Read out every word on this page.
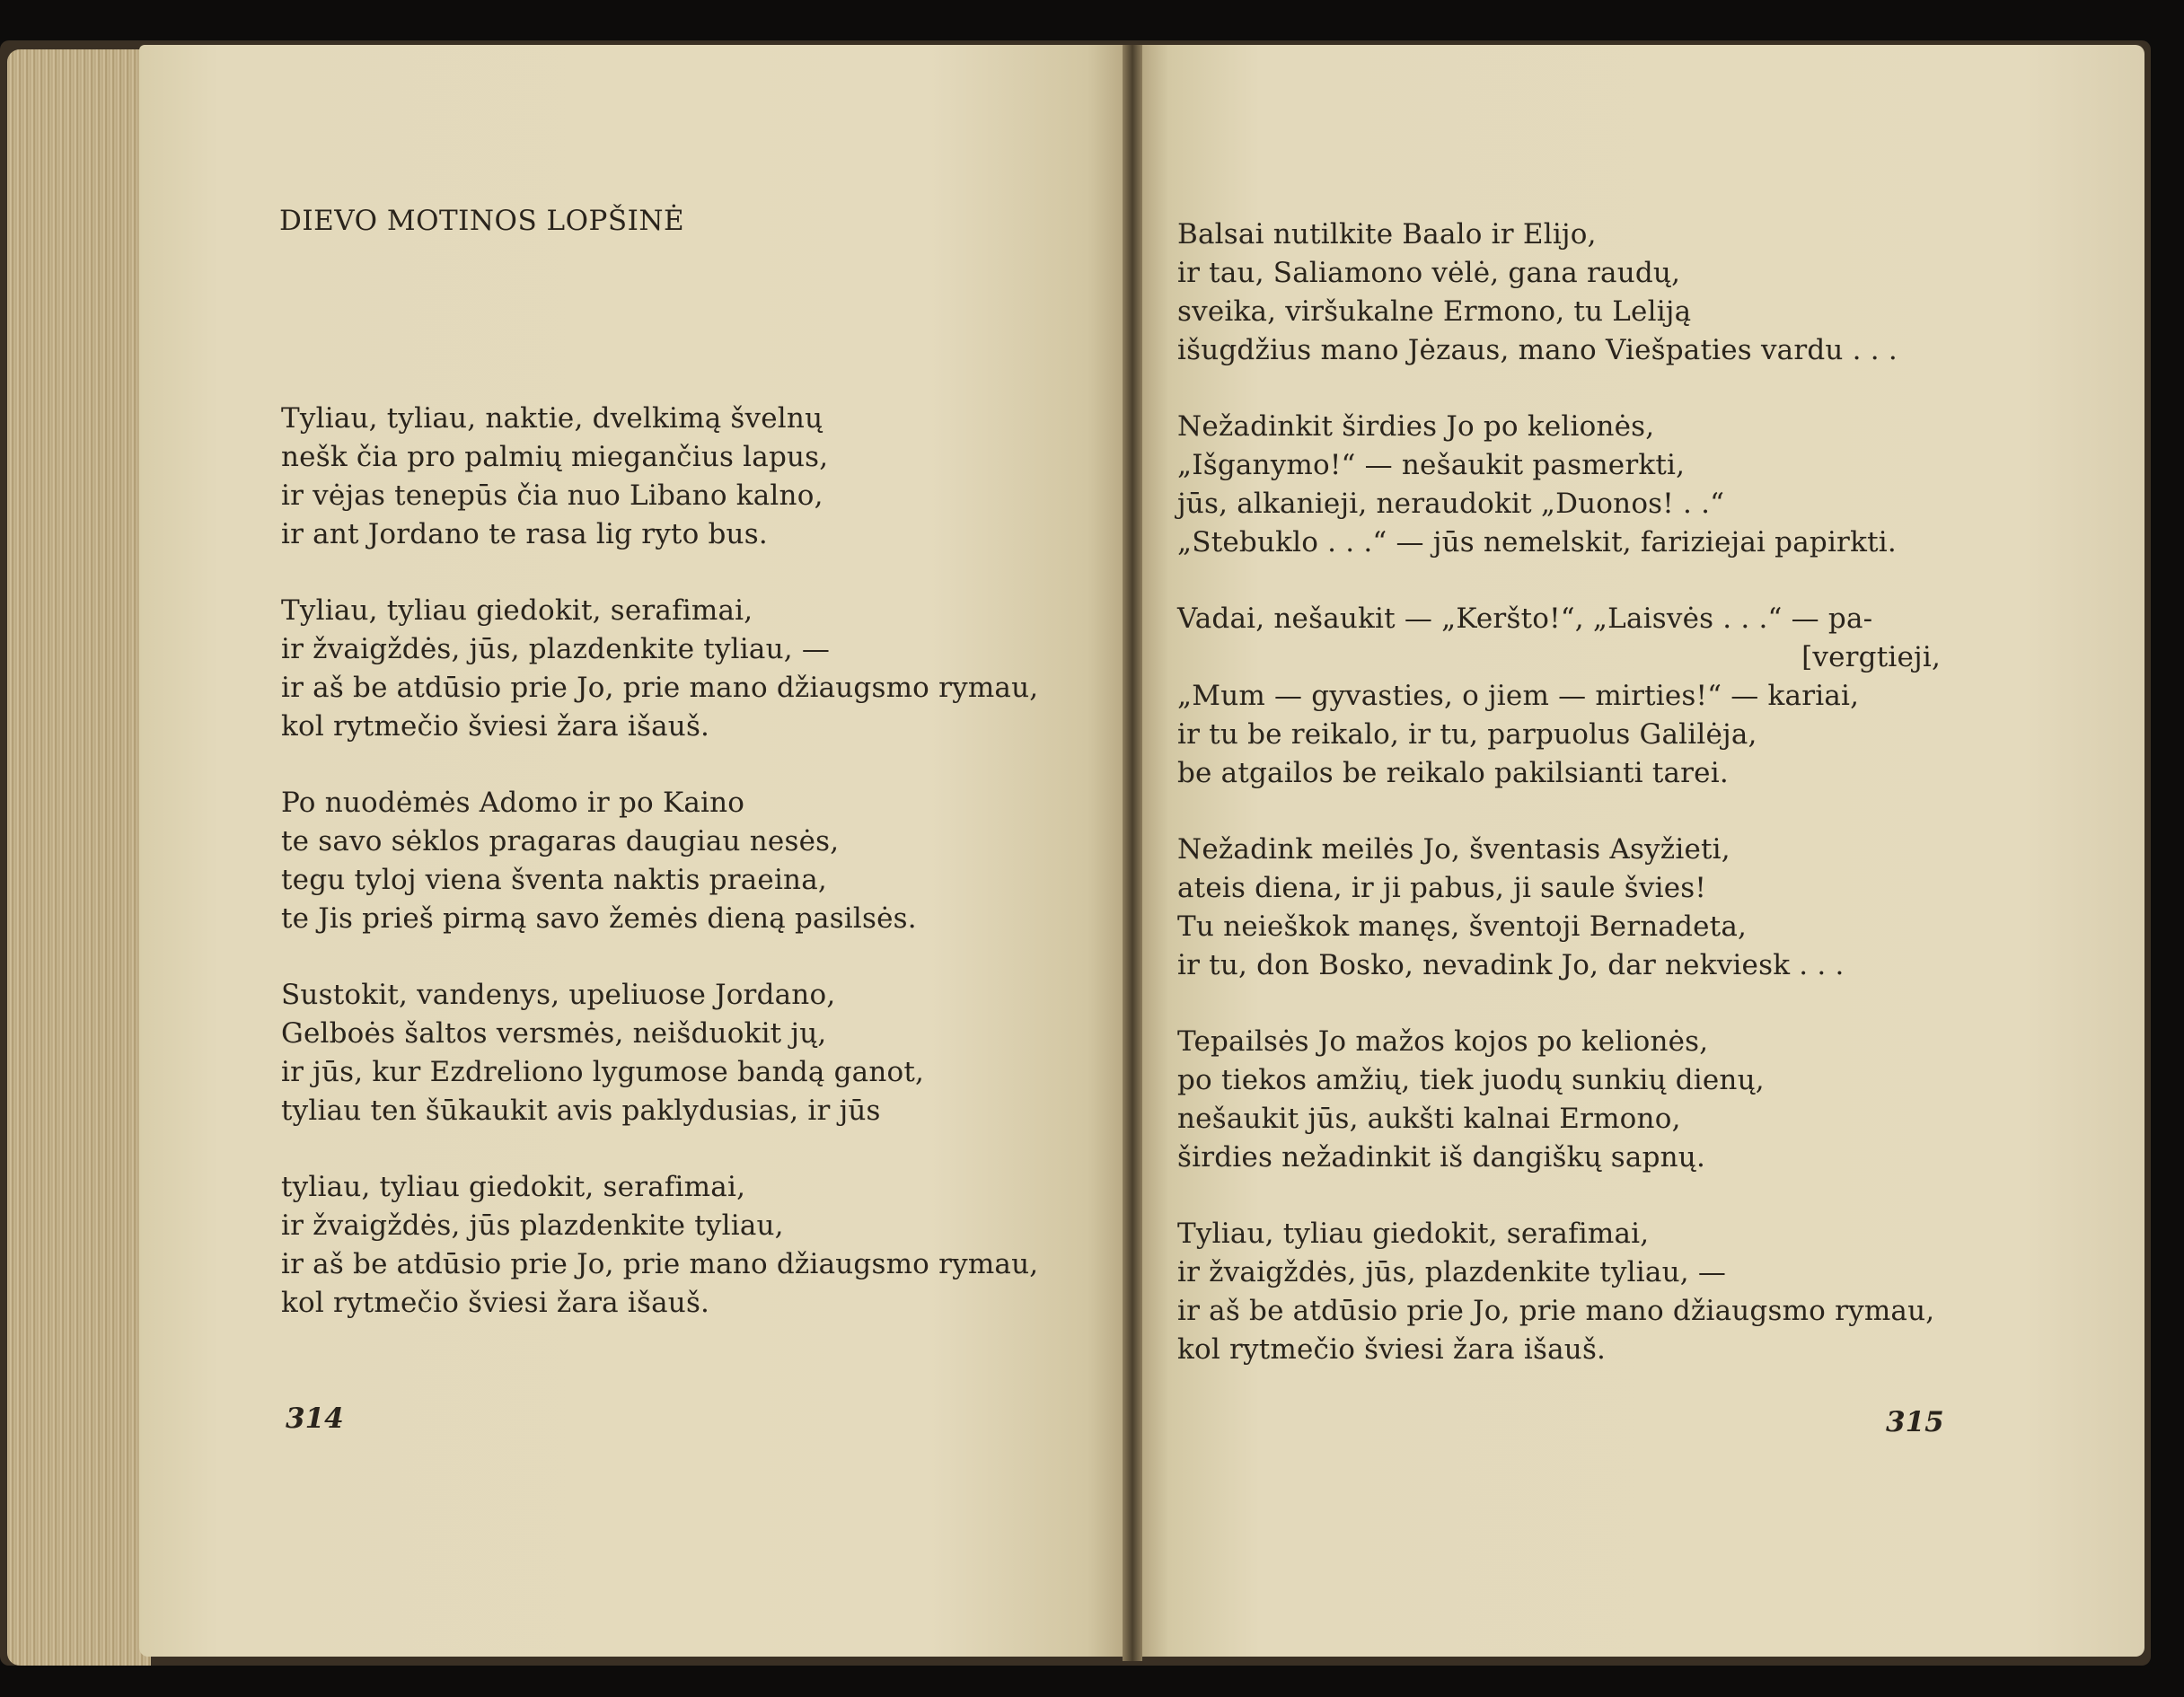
DIEVO MOTINOS LOPŠINĖ
Tyliau, tyliau, naktie, dvelkimą švelnų
nešk čia pro palmių miegančius lapus,
ir vėjas tenepūs čia nuo Libano kalno,
ir ant Jordano te rasa lig ryto bus.
Tyliau, tyliau giedokit, serafimai,
ir žvaigždės, jūs, plazdenkite tyliau, —
ir aš be atdūsio prie Jo, prie mano džiaugsmo rymau,
kol rytmečio šviesi žara išauš.
Po nuodėmės Adomo ir po Kaino
te savo sėklos pragaras daugiau nesės,
tegu tyloj viena šventa naktis praeina,
te Jis prieš pirmą savo žemės dieną pasilsės.
Sustokit, vandenys, upeliuose Jordano,
Gelboės šaltos versmės, neišduokit jų,
ir jūs, kur Ezdreliono lygumose bandą ganot,
tyliau ten šūkaukit avis paklydusias, ir jūs
tyliau, tyliau giedokit, serafimai,
ir žvaigždės, jūs plazdenkite tyliau,
ir aš be atdūsio prie Jo, prie mano džiaugsmo rymau,
kol rytmečio šviesi žara išauš.
314
Balsai nutilkite Baalo ir Elijo,
ir tau, Saliamono vėlė, gana raudų,
sveika, viršukalne Ermono, tu Leliją
išugdžius mano Jėzaus, mano Viešpaties vardu . . .
Nežadinkit širdies Jo po kelionės,
„Išganymo!“ — nešaukit pasmerkti,
jūs, alkanieji, neraudokit „Duonos! . .“
„Stebuklo . . .“ — jūs nemelskit, fariziejai papirkti.
Vadai, nešaukit — „Keršto!“, „Laisvės . . .“ — pa-
[vergtieji,
„Mum — gyvasties, o jiem — mirties!“ — kariai,
ir tu be reikalo, ir tu, parpuolus Galilėja,
be atgailos be reikalo pakilsianti tarei.
Nežadink meilės Jo, šventasis Asyžieti,
ateis diena, ir ji pabus, ji saule švies!
Tu neieškok manęs, šventoji Bernadeta,
ir tu, don Bosko, nevadink Jo, dar nekviesk . . .
Tepailsės Jo mažos kojos po kelionės,
po tiekos amžių, tiek juodų sunkių dienų,
nešaukit jūs, aukšti kalnai Ermono,
širdies nežadinkit iš dangiškų sapnų.
Tyliau, tyliau giedokit, serafimai,
ir žvaigždės, jūs, plazdenkite tyliau, —
ir aš be atdūsio prie Jo, prie mano džiaugsmo rymau,
kol rytmečio šviesi žara išauš.
315
